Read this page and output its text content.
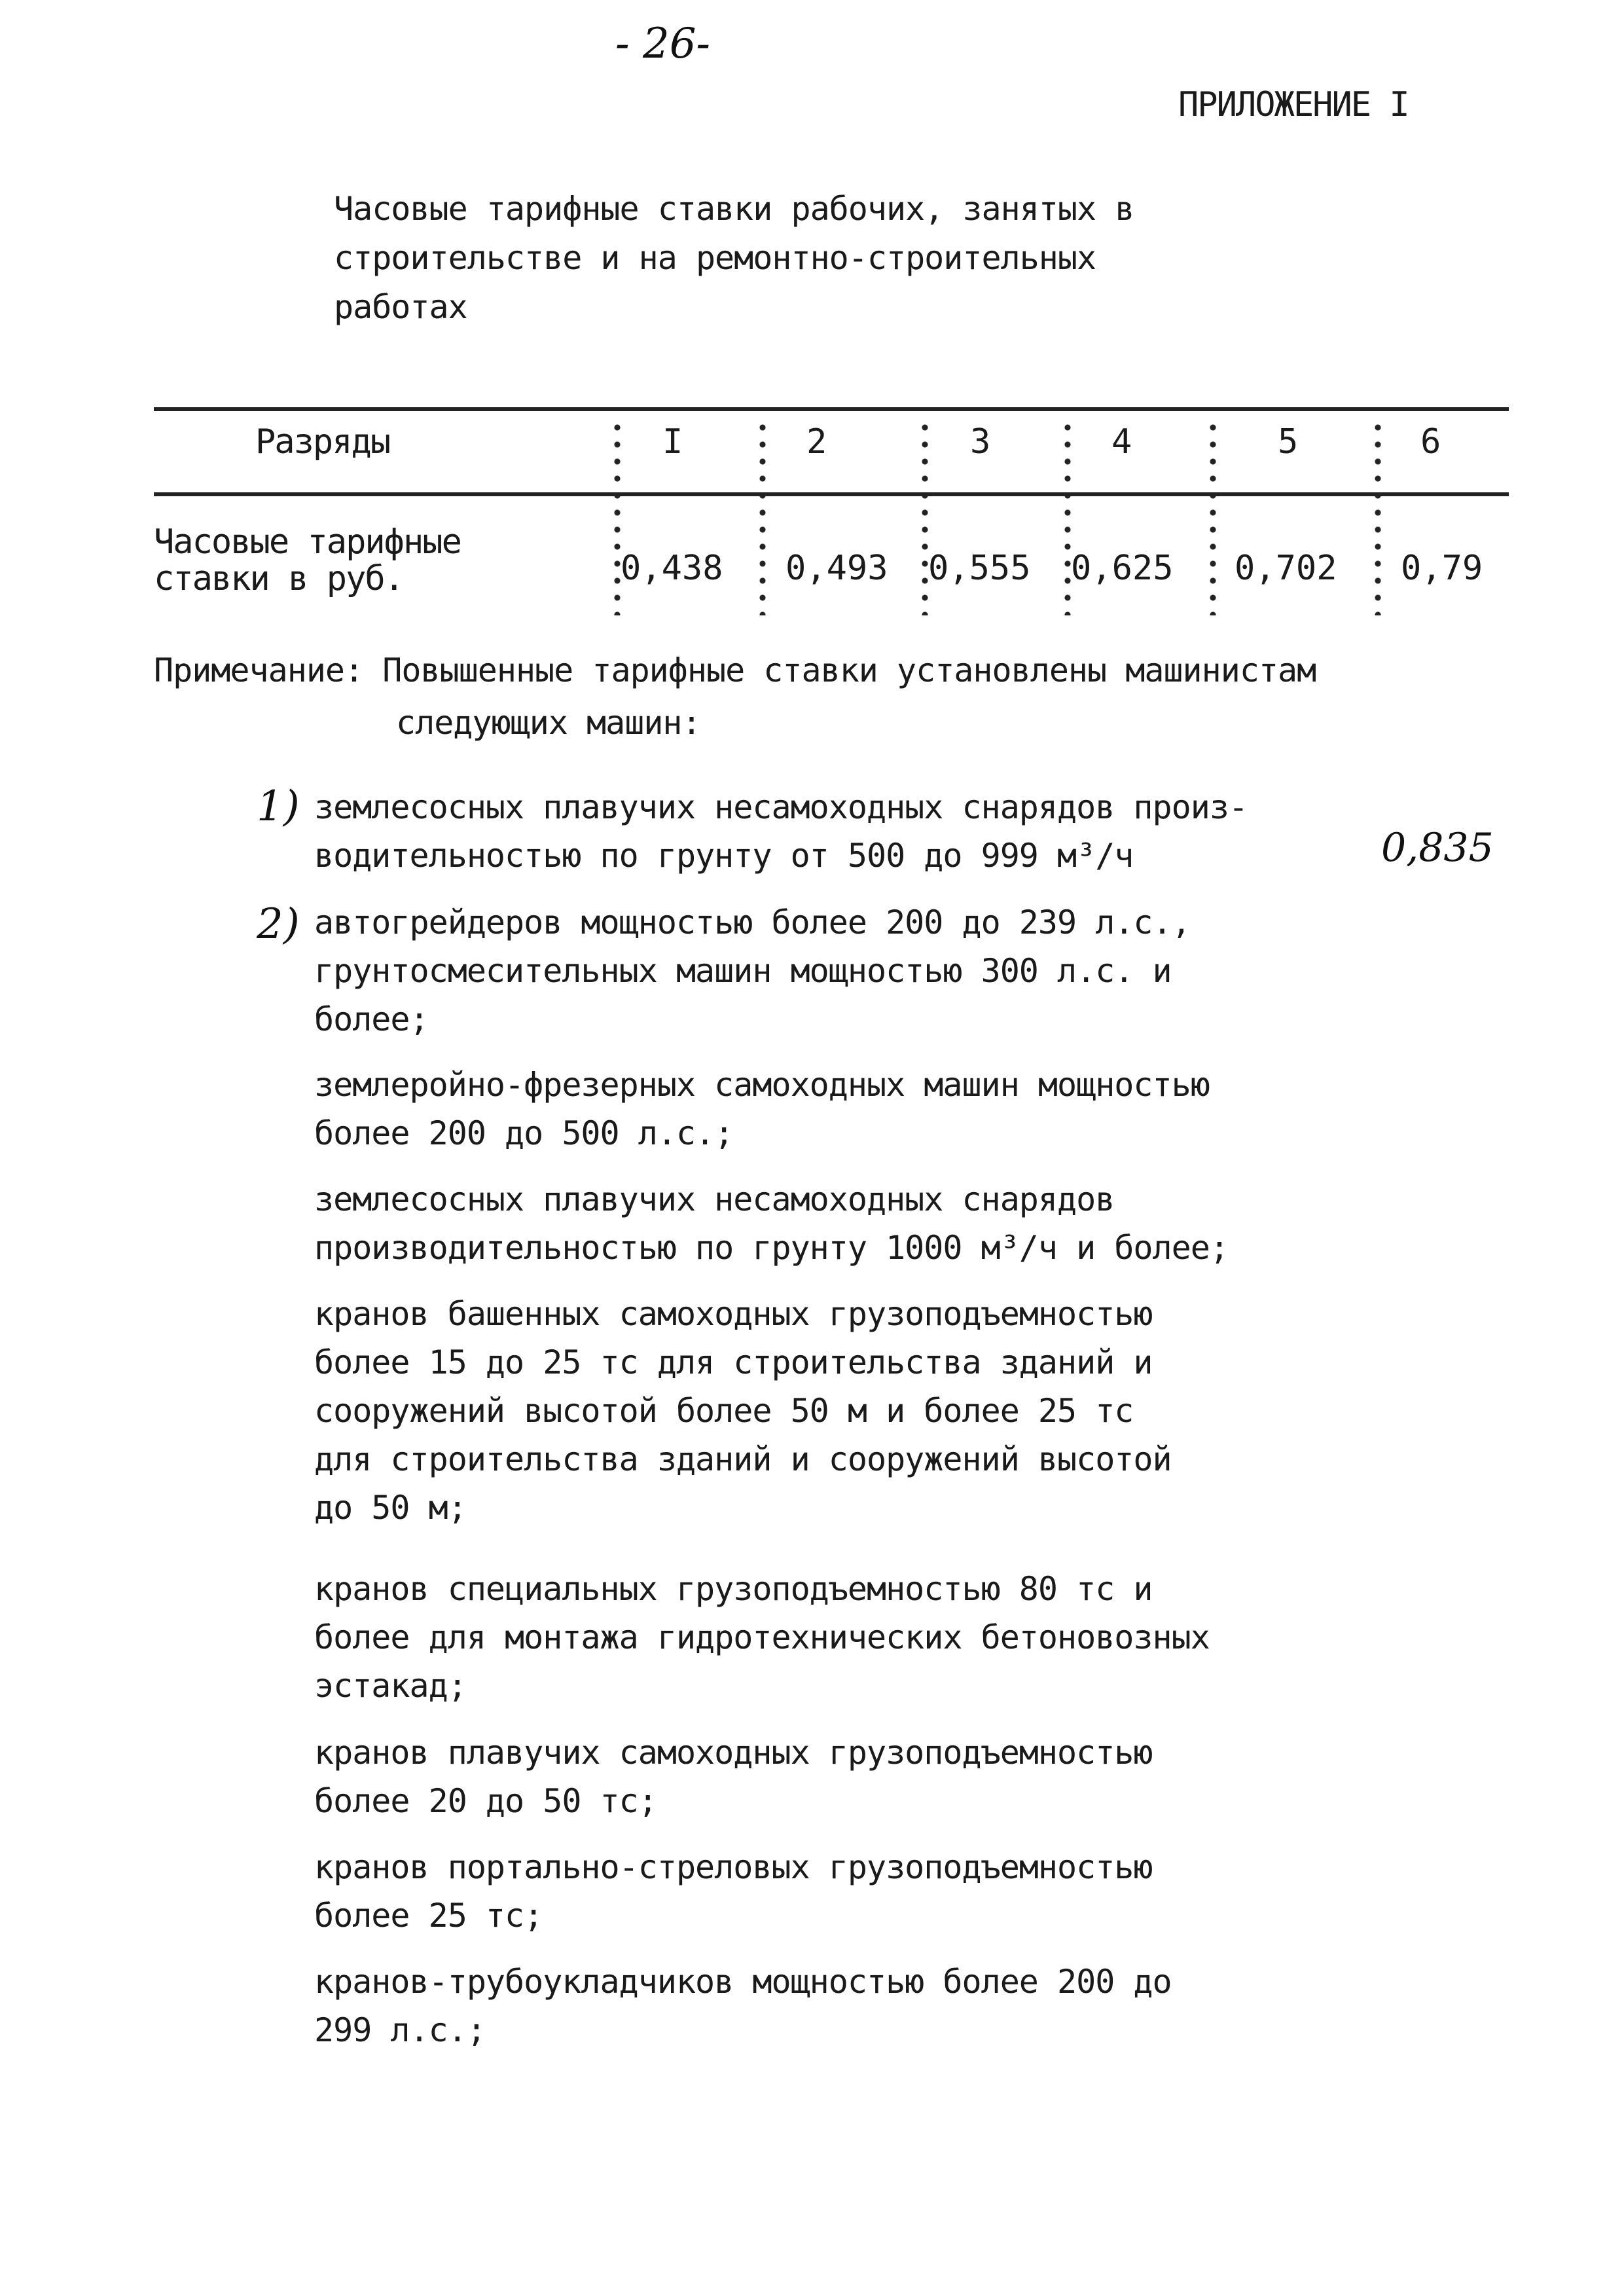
- 26-
ПРИЛОЖЕНИЕ I
Часовые тарифные ставки рабочих, занятых в
строительстве и на ремонтно-строительных
работах
Разряды	I	2	3	4	5	6
Часовые тарифные
ставки в руб.	0,438 0,493 0,555 0,625 0,702 0,79
Примечание: Повышенные тарифные ставки установлены машинистам
следующих машин:
1)
2)
0,835
землесосных плавучих несамоходных снарядов произ-
водительностью по грунту от 500 до 999 м³/ч
автогрейдеров мощностью более 200 до 239 л.с.,
грунтосмесительных машин мощностью 300 л.с. и
более;
землеройно-фрезерных самоходных машин мощностью
более 200 до 500 л.с.;
землесосных плавучих несамоходных снарядов
производительностью по грунту 1000 м³/ч и более;
кранов башенных самоходных грузоподъемностью
более 15 до 25 тс для строительства зданий и
сооружений высотой более 50 м и более 25 тс
для строительства зданий и сооружений высотой
до 50 м;
кранов специальных грузоподъемностью 80 тс и
более для монтажа гидротехнических бетоновозных
эстакад;
кранов плавучих самоходных грузоподъемностью
более 20 до 50 тс;
кранов портально-стреловых грузоподъемностью
более 25 тс;
кранов-трубоукладчиков мощностью более 200 до
299 л.с.;
